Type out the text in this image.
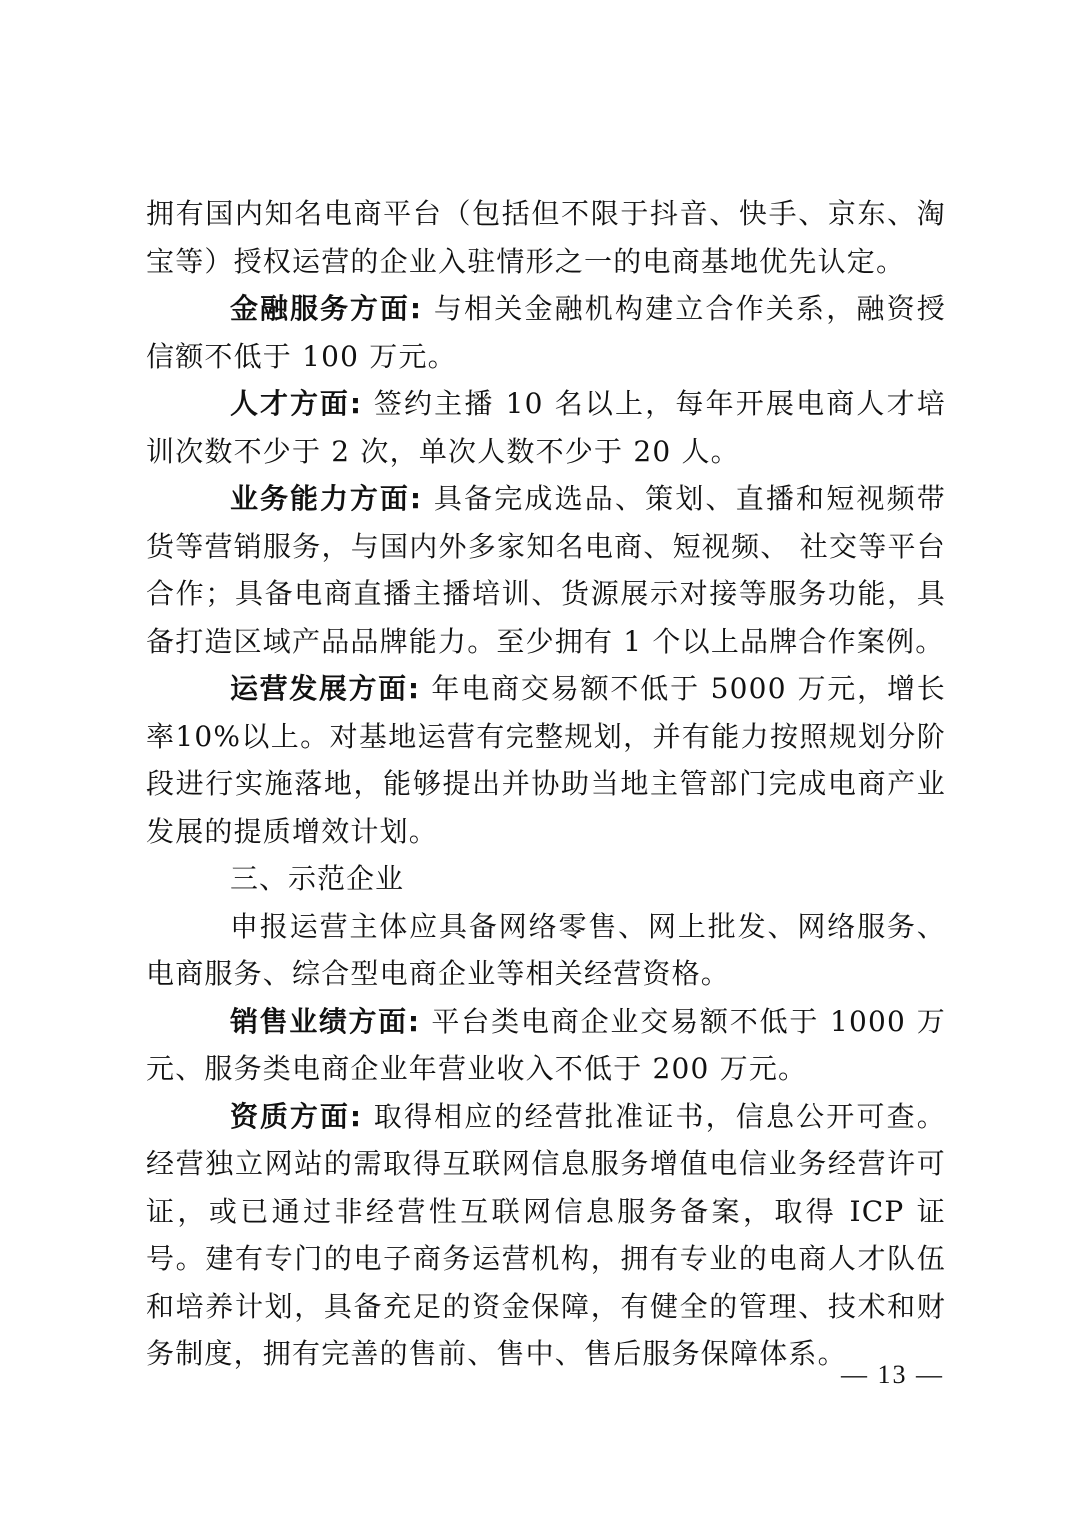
拥有国内知名电商平台（包括但不限于抖音、快手、京东、淘宝等）授权运营的企业入驻情形之一的电商基地优先认定。

金融服务方面: 与相关金融机构建立合作关系，融资授信额不低于 100 万元。

人才方面: 签约主播 10 名以上，每年开展电商人才培训次数不少于 2 次，单次人数不少于 20 人。

业务能力方面: 具备完成选品、策划、直播和短视频带货等营销服务，与国内外多家知名电商、短视频、 社交等平台合作；具备电商直播主播培训、货源展示对接等服务功能，具备打造区域产品品牌能力。至少拥有 1 个以上品牌合作案例。

运营发展方面: 年电商交易额不低于 5000 万元，增长率10%以上。对基地运营有完整规划，并有能力按照规划分阶段进行实施落地，能够提出并协助当地主管部门完成电商产业发展的提质增效计划。

三、示范企业

申报运营主体应具备网络零售、网上批发、网络服务、电商服务、综合型电商企业等相关经营资格。

销售业绩方面: 平台类电商企业交易额不低于 1000 万元、服务类电商企业年营业收入不低于 200 万元。

资质方面: 取得相应的经营批准证书，信息公开可查。经营独立网站的需取得互联网信息服务增值电信业务经营许可证，或已通过非经营性互联网信息服务备案，取得 ICP 证号。建有专门的电子商务运营机构，拥有专业的电商人才队伍和培养计划，具备充足的资金保障，有健全的管理、技术和财务制度，拥有完善的售前、售中、售后服务保障体系。

— 13 —
